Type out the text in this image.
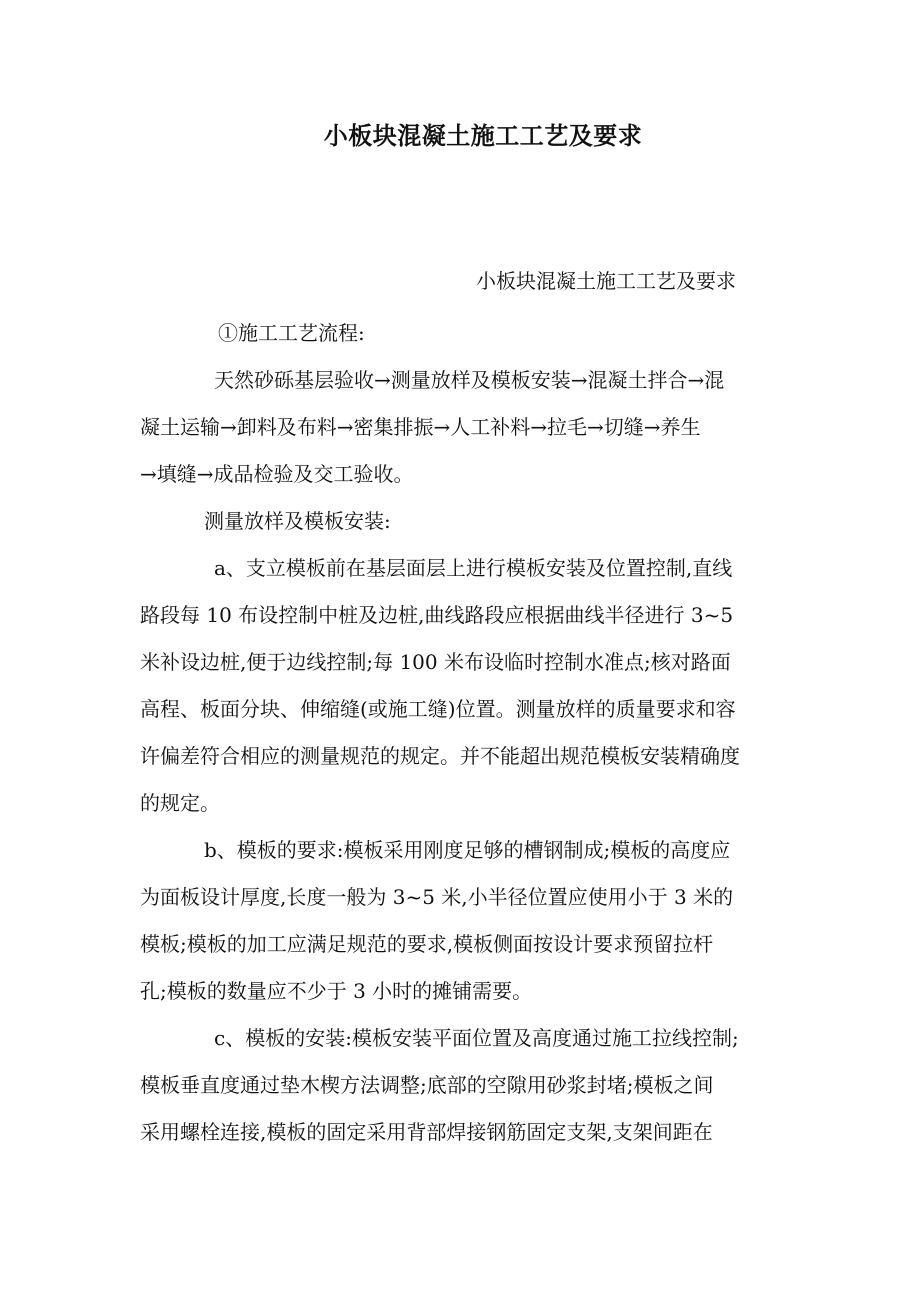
小板块混凝土施工工艺及要求
小板块混凝土施工工艺及要求
①施工工艺流程:
天然砂砾基层验收→测量放样及模板安装→混凝土拌合→混
凝土运输→卸料及布料→密集排振→人工补料→拉毛→切缝→养生
→填缝→成品检验及交工验收。
测量放样及模板安装:
a、支立模板前在基层面层上进行模板安装及位置控制,直线
路段每 10 布设控制中桩及边桩,曲线路段应根据曲线半径进行 3~5
米补设边桩,便于边线控制;每 100 米布设临时控制水准点;核对路面
高程、板面分块、伸缩缝(或施工缝)位置。测量放样的质量要求和容
许偏差符合相应的测量规范的规定。并不能超出规范模板安装精确度
的规定。
b、模板的要求:模板采用刚度足够的槽钢制成;模板的高度应
为面板设计厚度,长度一般为 3~5 米,小半径位置应使用小于 3 米的
模板;模板的加工应满足规范的要求,模板侧面按设计要求预留拉杆
孔;模板的数量应不少于 3 小时的摊铺需要。
c、模板的安装:模板安装平面位置及高度通过施工拉线控制;
模板垂直度通过垫木楔方法调整;底部的空隙用砂浆封堵;模板之间
采用螺栓连接,模板的固定采用背部焊接钢筋固定支架,支架间距在
